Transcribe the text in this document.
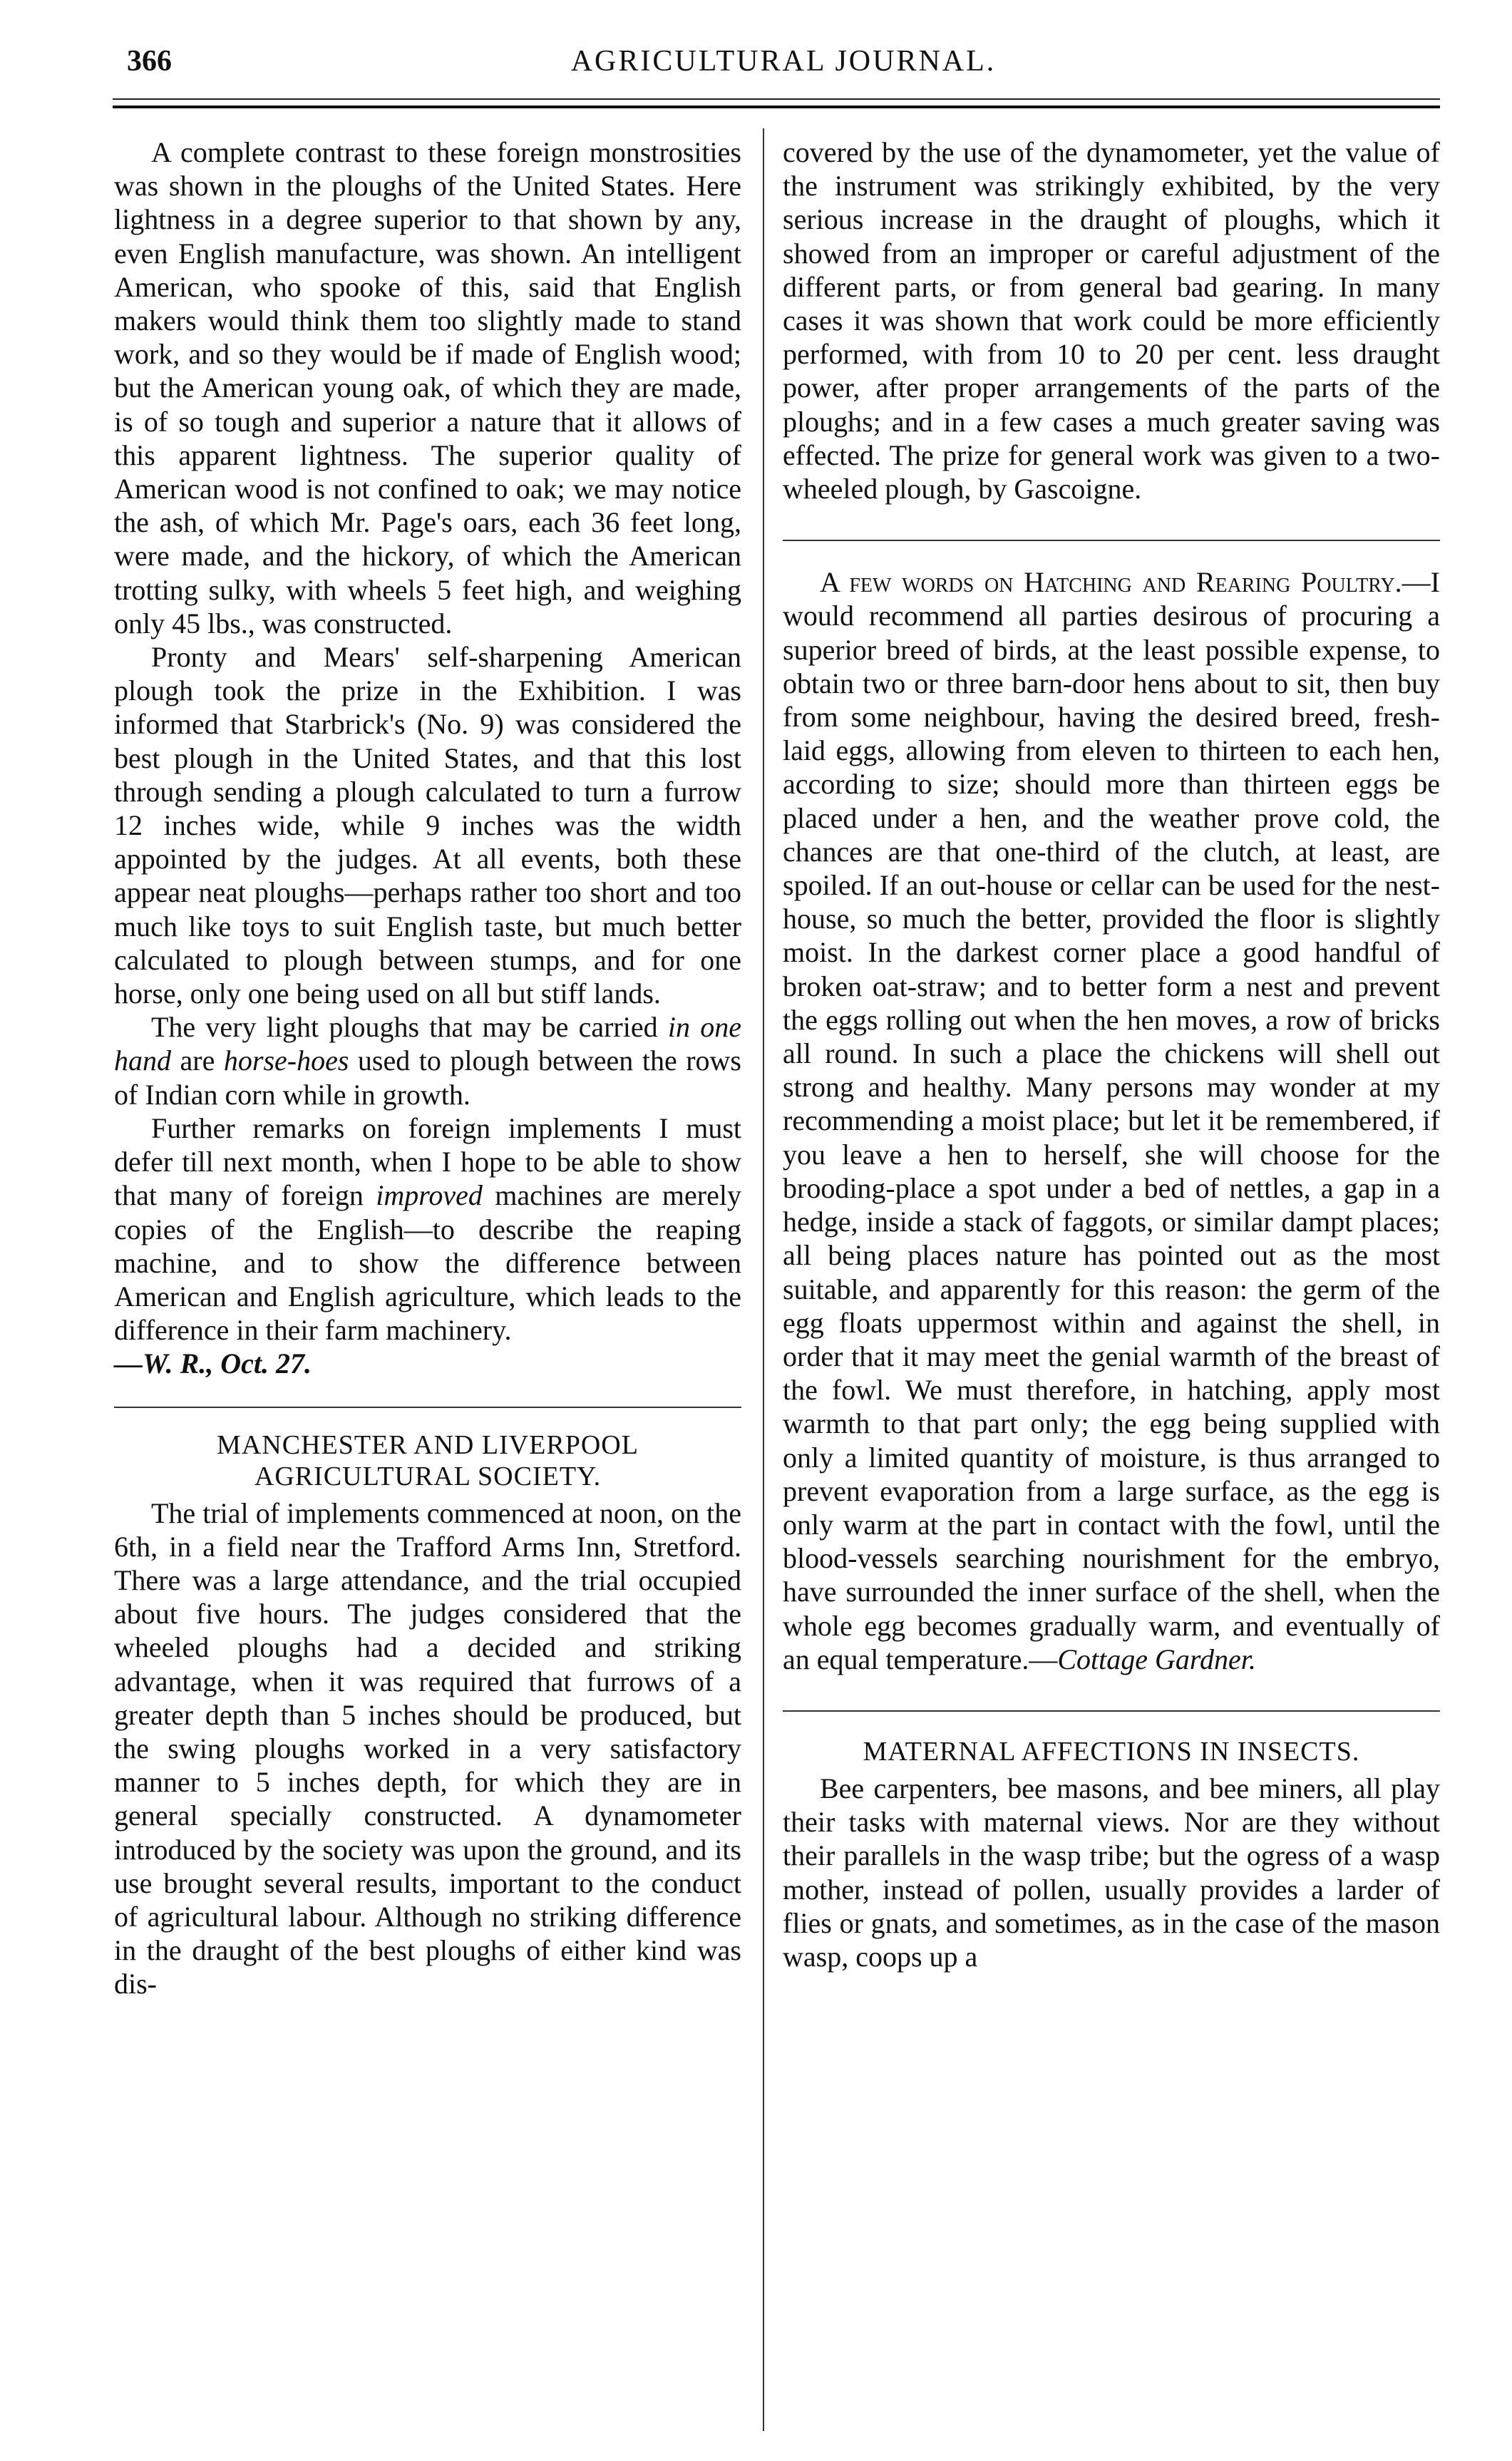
366	AGRICULTURAL JOURNAL.

A complete contrast to these foreign monstrosities was shown in the ploughs of the United States. Here lightness in a degree superior to that shown by any, even English manufacture, was shown. An intelligent American, who spooke of this, said that English makers would think them too slightly made to stand work, and so they would be if made of English wood; but the American young oak, of which they are made, is of so tough and superior a nature that it allows of this apparent lightness. The superior quality of American wood is not confined to oak; we may notice the ash, of which Mr. Page's oars, each 36 feet long, were made, and the hickory, of which the American trotting sulky, with wheels 5 feet high, and weighing only 45 lbs., was constructed.

Pronty and Mears' self-sharpening American plough took the prize in the Exhibition. I was informed that Starbrick's (No. 9) was considered the best plough in the United States, and that this lost through sending a plough calculated to turn a furrow 12 inches wide, while 9 inches was the width appointed by the judges. At all events, both these appear neat ploughs—perhaps rather too short and too much like toys to suit English taste, but much better calculated to plough between stumps, and for one horse, only one being used on all but stiff lands.

The very light ploughs that may be carried in one hand are horse-hoes used to plough between the rows of Indian corn while in growth.

Further remarks on foreign implements I must defer till next month, when I hope to be able to show that many of foreign improved machines are merely copies of the English—to describe the reaping machine, and to show the difference between American and English agriculture, which leads to the difference in their farm machinery.

—W. R., Oct. 27.

MANCHESTER AND LIVERPOOL AGRICULTURAL SOCIETY.

The trial of implements commenced at noon, on the 6th, in a field near the Trafford Arms Inn, Stretford. There was a large attendance, and the trial occupied about five hours. The judges considered that the wheeled ploughs had a decided and striking advantage, when it was required that furrows of a greater depth than 5 inches should be produced, but the swing ploughs worked in a very satisfactory manner to 5 inches depth, for which they are in general specially constructed. A dynamometer introduced by the society was upon the ground, and its use brought several results, important to the conduct of agricultural labour. Although no striking difference in the draught of the best ploughs of either kind was dis-

covered by the use of the dynamometer, yet the value of the instrument was strikingly exhibited, by the very serious increase in the draught of ploughs, which it showed from an improper or careful adjustment of the different parts, or from general bad gearing. In many cases it was shown that work could be more efficiently performed, with from 10 to 20 per cent. less draught power, after proper arrangements of the parts of the ploughs; and in a few cases a much greater saving was effected. The prize for general work was given to a two-wheeled plough, by Gascoigne.

A few words on Hatching and Rearing Poultry.—I would recommend all parties desirous of procuring a superior breed of birds, at the least possible expense, to obtain two or three barn-door hens about to sit, then buy from some neighbour, having the desired breed, fresh-laid eggs, allowing from eleven to thirteen to each hen, according to size; should more than thirteen eggs be placed under a hen, and the weather prove cold, the chances are that one-third of the clutch, at least, are spoiled. If an out-house or cellar can be used for the nest-house, so much the better, provided the floor is slightly moist. In the darkest corner place a good handful of broken oat-straw; and to better form a nest and prevent the eggs rolling out when the hen moves, a row of bricks all round. In such a place the chickens will shell out strong and healthy. Many persons may wonder at my recommending a moist place; but let it be remembered, if you leave a hen to herself, she will choose for the brooding-place a spot under a bed of nettles, a gap in a hedge, inside a stack of faggots, or similar dampt places; all being places nature has pointed out as the most suitable, and apparently for this reason: the germ of the egg floats uppermost within and against the shell, in order that it may meet the genial warmth of the breast of the fowl. We must therefore, in hatching, apply most warmth to that part only; the egg being supplied with only a limited quantity of moisture, is thus arranged to prevent evaporation from a large surface, as the egg is only warm at the part in contact with the fowl, until the blood-vessels searching nourishment for the embryo, have surrounded the inner surface of the shell, when the whole egg becomes gradually warm, and eventually of an equal temperature.—Cottage Gardner.

MATERNAL AFFECTIONS IN INSECTS.

Bee carpenters, bee masons, and bee miners, all play their tasks with maternal views. Nor are they without their parallels in the wasp tribe; but the ogress of a wasp mother, instead of pollen, usually provides a larder of flies or gnats, and sometimes, as in the case of the mason wasp, coops up a
